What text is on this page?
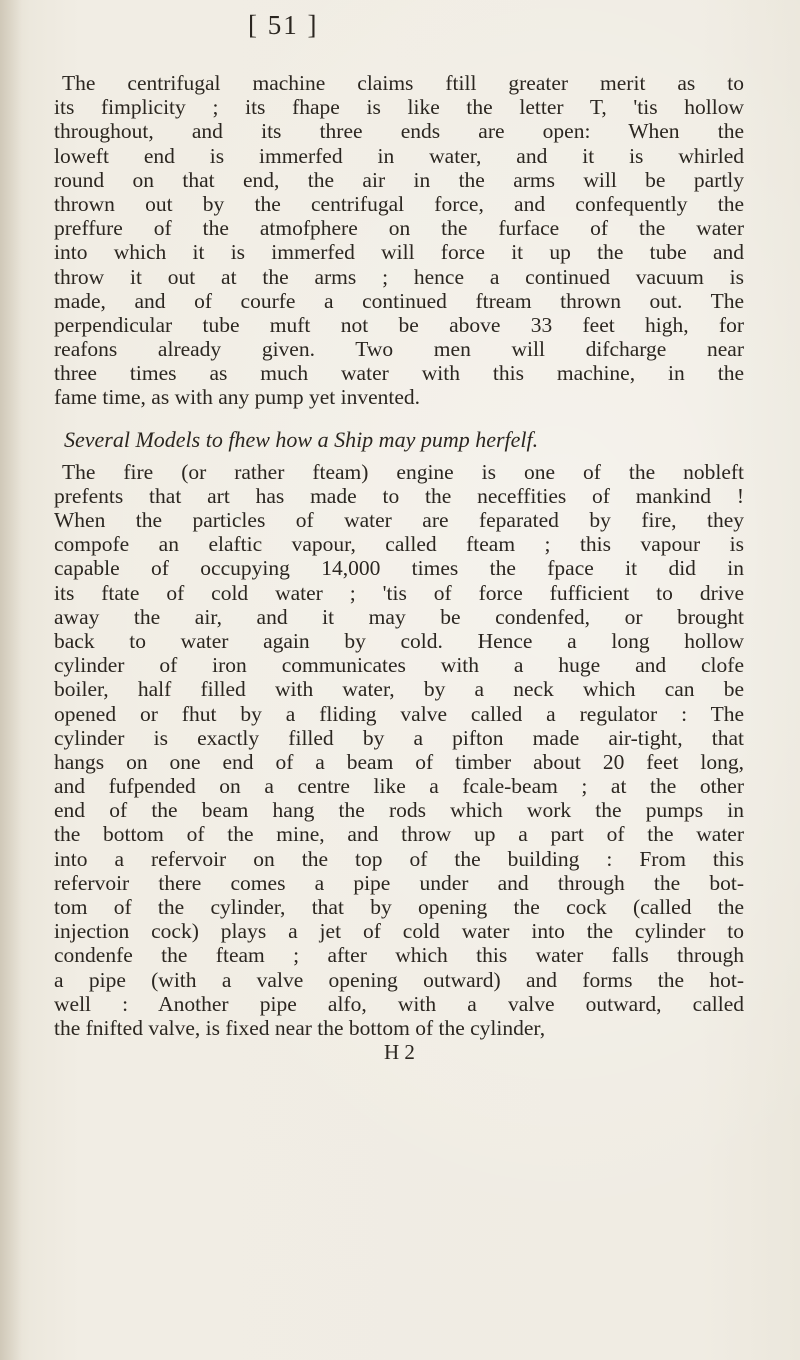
[ 51 ]
The centrifugal machine claims ftill greater merit as to
its fimplicity ; its fhape is like the letter T, 'tis hollow
throughout, and its three ends are open: When the
loweft end is immerfed in water, and it is whirled
round on that end, the air in the arms will be partly
thrown out by the centrifugal force, and confequently the
preffure of the atmofphere on the furface of the water
into which it is immerfed will force it up the tube and
throw it out at the arms ; hence a continued vacuum is
made, and of courfe a continued ftream thrown out. The
perpendicular tube muft not be above 33 feet high, for
reafons already given. Two men will difcharge near
three times as much water with this machine, in the
fame time, as with any pump yet invented.
Several Models to fhew how a Ship may pump herfelf.
The fire (or rather fteam) engine is one of the nobleft
prefents that art has made to the neceffities of mankind !
When the particles of water are feparated by fire, they
compofe an elaftic vapour, called fteam ; this vapour is
capable of occupying 14,000 times the fpace it did in
its ftate of cold water ; 'tis of force fufficient to drive
away the air, and it may be condenfed, or brought
back to water again by cold. Hence a long hollow
cylinder of iron communicates with a huge and clofe
boiler, half filled with water, by a neck which can be
opened or fhut by a fliding valve called a regulator : The
cylinder is exactly filled by a pifton made air-tight, that
hangs on one end of a beam of timber about 20 feet long,
and fufpended on a centre like a fcale-beam ; at the other
end of the beam hang the rods which work the pumps in
the bottom of the mine, and throw up a part of the water
into a refervoir on the top of the building : From this
refervoir there comes a pipe under and through the bot-
tom of the cylinder, that by opening the cock (called the
injection cock) plays a jet of cold water into the cylinder to
condenfe the fteam ; after which this water falls through
a pipe (with a valve opening outward) and forms the hot-
well : Another pipe alfo, with a valve outward, called
the fnifted valve, is fixed near the bottom of the cylinder,
H 2
